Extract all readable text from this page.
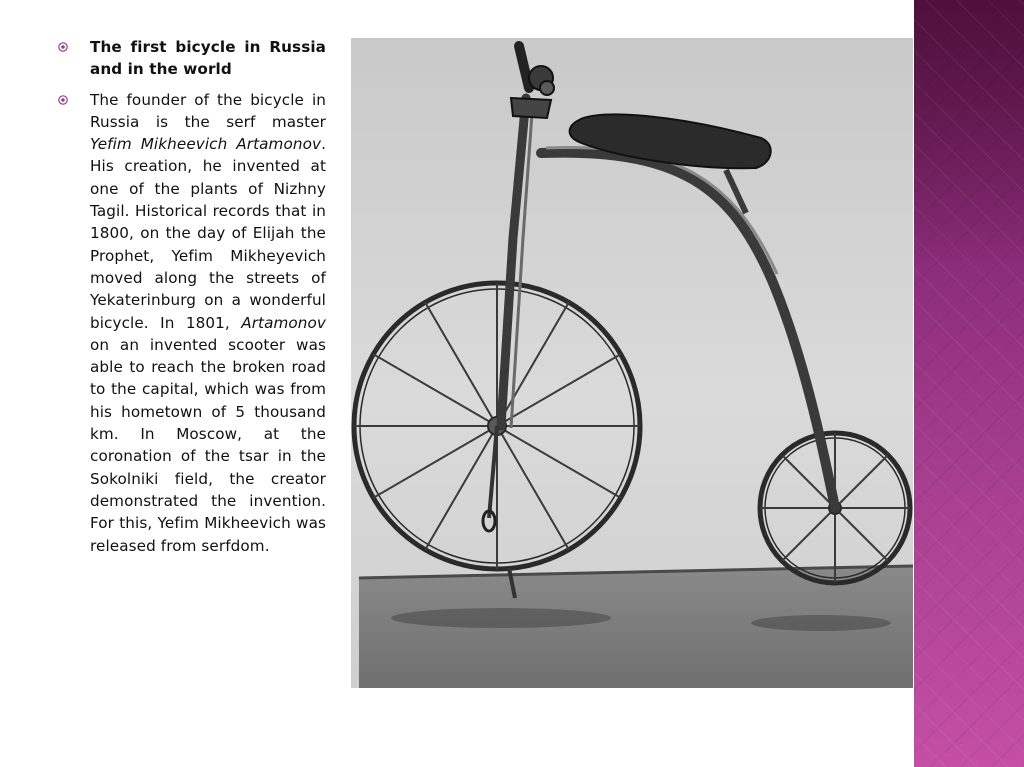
The first bicycle in Russia and in the world

The founder of the bicycle in Russia is the serf master Yefim Mikheevich Artamonov. His creation, he invented at one of the plants of Nizhny Tagil. Historical records that in 1800, on the day of Elijah the Prophet, Yefim Mikheyevich moved along the streets of Yekaterinburg on a wonderful bicycle. In 1801, Artamonov on an invented scooter was able to reach the broken road to the capital, which was from his hometown of 5 thousand km. In Moscow, at the coronation of the tsar in the Sokolniki field, the creator demonstrated the invention. For this, Yefim Mikheevich was released from serfdom.
